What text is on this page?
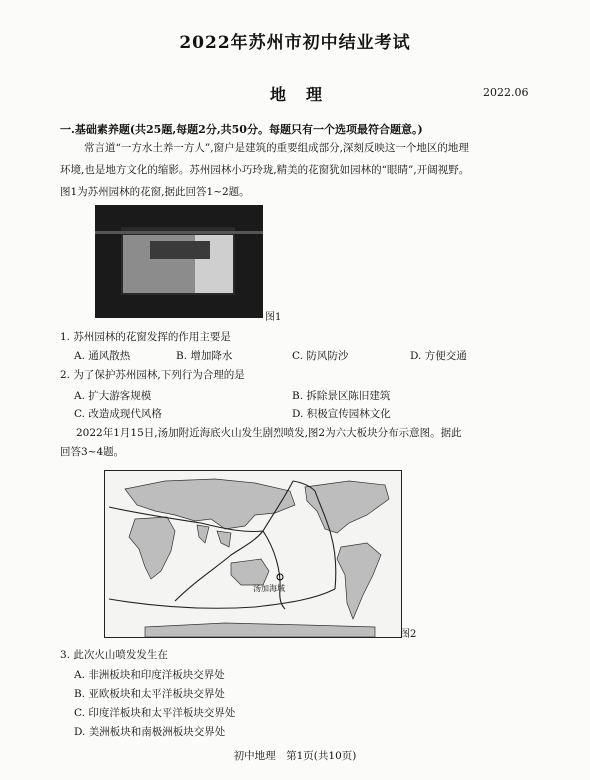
2022年苏州市初中结业考试
地理	2022.06
一.基础素养题(共25题,每题2分,共50分。每题只有一个选项最符合题意。)
常言道“一方水土养一方人”,窗户是建筑的重要组成部分,深刻反映这一个地区的地理
环境,也是地方文化的缩影。苏州园林小巧玲珑,精美的花窗犹如园林的“眼睛”,开阔视野。
图1为苏州园林的花窗,据此回答1~2题。
图1
1. 苏州园林的花窗发挥的作用主要是
A. 通风散热	B. 增加降水	C. 防风防沙	D. 方便交通
2. 为了保护苏州园林,下列行为合理的是
A. 扩大游客规模	B. 拆除景区陈旧建筑
C. 改造成现代风格	D. 积极宣传园林文化
2022年1月15日,汤加附近海底火山发生剧烈喷发,图2为六大板块分布示意图。据此
回答3~4题。
汤加海域
图2
3. 此次火山喷发发生在
A. 非洲板块和印度洋板块交界处
B. 亚欧板块和太平洋板块交界处
C. 印度洋板块和太平洋板块交界处
D. 美洲板块和南极洲板块交界处
初中地理　第1页(共10页)
